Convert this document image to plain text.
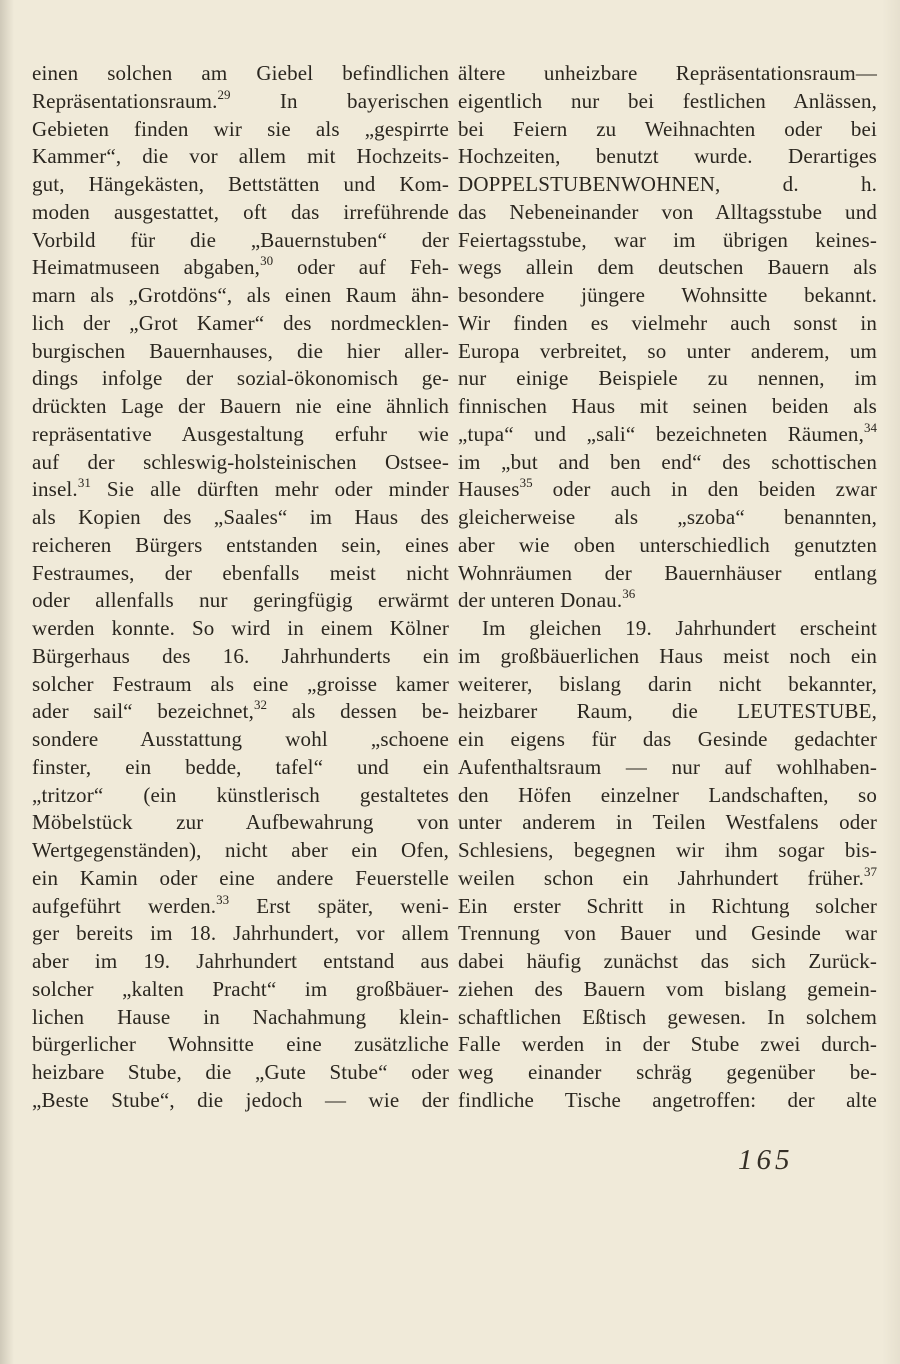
einen solchen am Giebel befindlichen
Repräsentationsraum.$^{29}$ In bayerischen
Gebieten finden wir sie als „gespirrte
Kammer“, die vor allem mit Hochzeits-
gut, Hängekästen, Bettstätten und Kom-
moden ausgestattet, oft das irreführende
Vorbild für die „Bauernstuben“ der
Heimatmuseen abgaben,$^{30}$ oder auf Feh-
marn als „Grotdöns“, als einen Raum ähn-
lich der „Grot Kamer“ des nordmecklen-
burgischen Bauernhauses, die hier aller-
dings infolge der sozial-ökonomisch ge-
drückten Lage der Bauern nie eine ähnlich
repräsentative Ausgestaltung erfuhr wie
auf der schleswig-holsteinischen Ostsee-
insel.$^{31}$ Sie alle dürften mehr oder minder
als Kopien des „Saales“ im Haus des
reicheren Bürgers entstanden sein, eines
Festraumes, der ebenfalls meist nicht
oder allenfalls nur geringfügig erwärmt
werden konnte. So wird in einem Kölner
Bürgerhaus des 16. Jahrhunderts ein
solcher Festraum als eine „groisse kamer
ader sail“ bezeichnet,$^{32}$ als dessen be-
sondere Ausstattung wohl „schoene
finster, ein bedde, tafel“ und ein
„tritzor“ (ein künstlerisch gestaltetes
Möbelstück zur Aufbewahrung von
Wertgegenständen), nicht aber ein Ofen,
ein Kamin oder eine andere Feuerstelle
aufgeführt werden.$^{33}$ Erst später, weni-
ger bereits im 18. Jahrhundert, vor allem
aber im 19. Jahrhundert entstand aus
solcher „kalten Pracht“ im großbäuer-
lichen Hause in Nachahmung klein-
bürgerlicher Wohnsitte eine zusätzliche
heizbare Stube, die „Gute Stube“ oder
„Beste Stube“, die jedoch — wie der
ältere unheizbare Repräsentationsraum—
eigentlich nur bei festlichen Anlässen,
bei Feiern zu Weihnachten oder bei
Hochzeiten, benutzt wurde. Derartiges
DOPPELSTUBENWOHNEN, d. h.
das Nebeneinander von Alltagsstube und
Feiertagsstube, war im übrigen keines-
wegs allein dem deutschen Bauern als
besondere jüngere Wohnsitte bekannt.
Wir finden es vielmehr auch sonst in
Europa verbreitet, so unter anderem, um
nur einige Beispiele zu nennen, im
finnischen Haus mit seinen beiden als
„tupa“ und „sali“ bezeichneten Räumen,$^{34}$
im „but and ben end“ des schottischen
Hauses$^{35}$ oder auch in den beiden zwar
gleicherweise als „szoba“ benannten,
aber wie oben unterschiedlich genutzten
Wohnräumen der Bauernhäuser entlang
der unteren Donau.$^{36}$
Im gleichen 19. Jahrhundert erscheint
im großbäuerlichen Haus meist noch ein
weiterer, bislang darin nicht bekannter,
heizbarer Raum, die LEUTESTUBE,
ein eigens für das Gesinde gedachter
Aufenthaltsraum — nur auf wohlhaben-
den Höfen einzelner Landschaften, so
unter anderem in Teilen Westfalens oder
Schlesiens, begegnen wir ihm sogar bis-
weilen schon ein Jahrhundert früher.$^{37}$
Ein erster Schritt in Richtung solcher
Trennung von Bauer und Gesinde war
dabei häufig zunächst das sich Zurück-
ziehen des Bauern vom bislang gemein-
schaftlichen Eßtisch gewesen. In solchem
Falle werden in der Stube zwei durch-
weg einander schräg gegenüber be-
findliche Tische angetroffen: der alte
165
